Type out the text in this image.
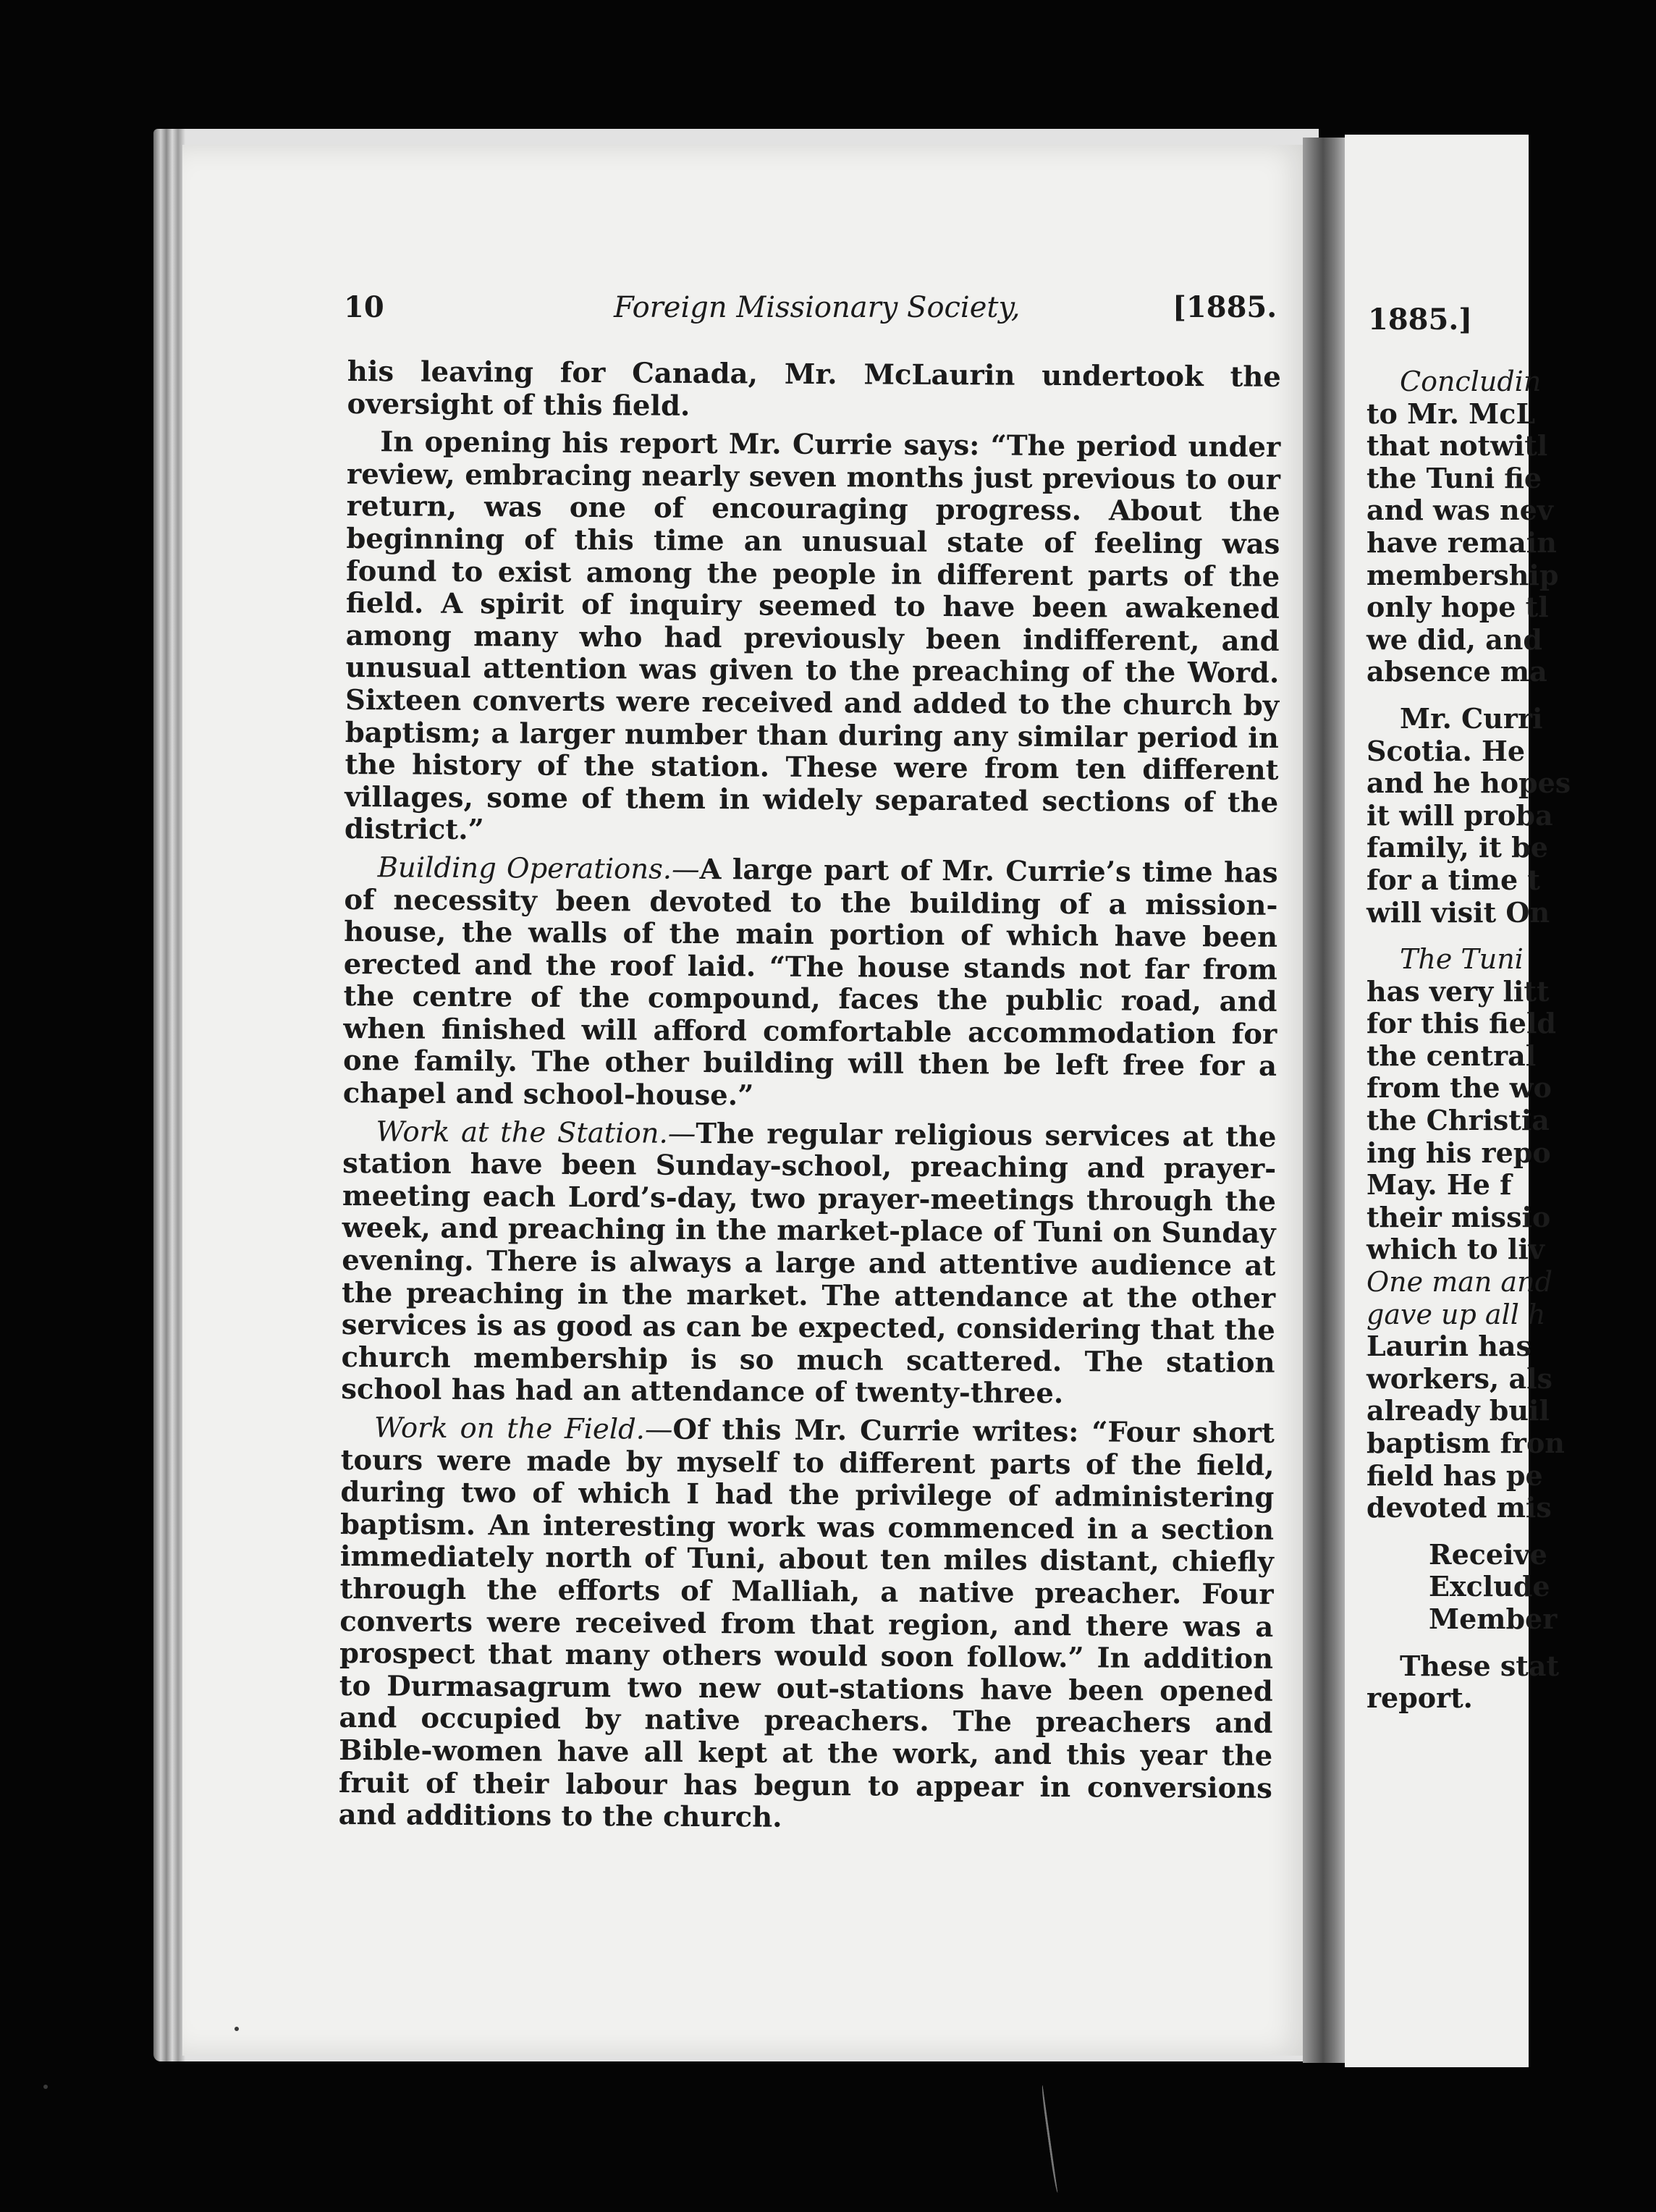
10	Foreign Missionary Society,	[1885.

his leaving for Canada, Mr. McLaurin undertook the oversight of this field.

In opening his report Mr. Currie says: “The period under review, embracing nearly seven months just previous to our return, was one of encouraging progress. About the beginning of this time an unusual state of feeling was found to exist among the people in different parts of the field. A spirit of inquiry seemed to have been awakened among many who had previously been indifferent, and unusual attention was given to the preaching of the Word. Sixteen converts were received and added to the church by baptism; a larger number than during any similar period in the history of the station. These were from ten different villages, some of them in widely separated sections of the district.”

Building Operations.—A large part of Mr. Currie’s time has of necessity been devoted to the building of a mission-house, the walls of the main portion of which have been erected and the roof laid. “The house stands not far from the centre of the compound, faces the public road, and when finished will afford comfortable accommodation for one family. The other building will then be left free for a chapel and school-house.”

Work at the Station.—The regular religious services at the station have been Sunday-school, preaching and prayer-meeting each Lord’s-day, two prayer-meetings through the week, and preaching in the market-place of Tuni on Sunday evening. There is always a large and attentive audience at the preaching in the market. The attendance at the other services is as good as can be expected, considering that the church membership is so much scattered. The station school has had an attendance of twenty-three.

Work on the Field.—Of this Mr. Currie writes: “Four short tours were made by myself to different parts of the field, during two of which I had the privilege of administering baptism. An interesting work was commenced in a section immediately north of Tuni, about ten miles distant, chiefly through the efforts of Malliah, a native preacher. Four converts were received from that region, and there was a prospect that many others would soon follow.” In addition to Durmasagrum two new out-stations have been opened and occupied by native preachers. The preachers and Bible-women have all kept at the work, and this year the fruit of their labour has begun to appear in conversions and additions to the church.

1885.]
Concludin
to Mr. McL
that notwitl
the Tuni fie
and was nev
have remain
membership
only hope tl
we did, and
absence ma
Mr. Curri
Scotia. He
and he hopes
it will proba
family, it be
for a time t
will visit On
The Tuni
has very litt
for this field
the central
from the wo
the Christia
ing his repo
May. He f
their missio
which to liv
One man and
gave up all h
Laurin has
workers, als
already buil
baptism fron
field has pe
devoted mis
Receive
Exclude
Member
These stat
report.
